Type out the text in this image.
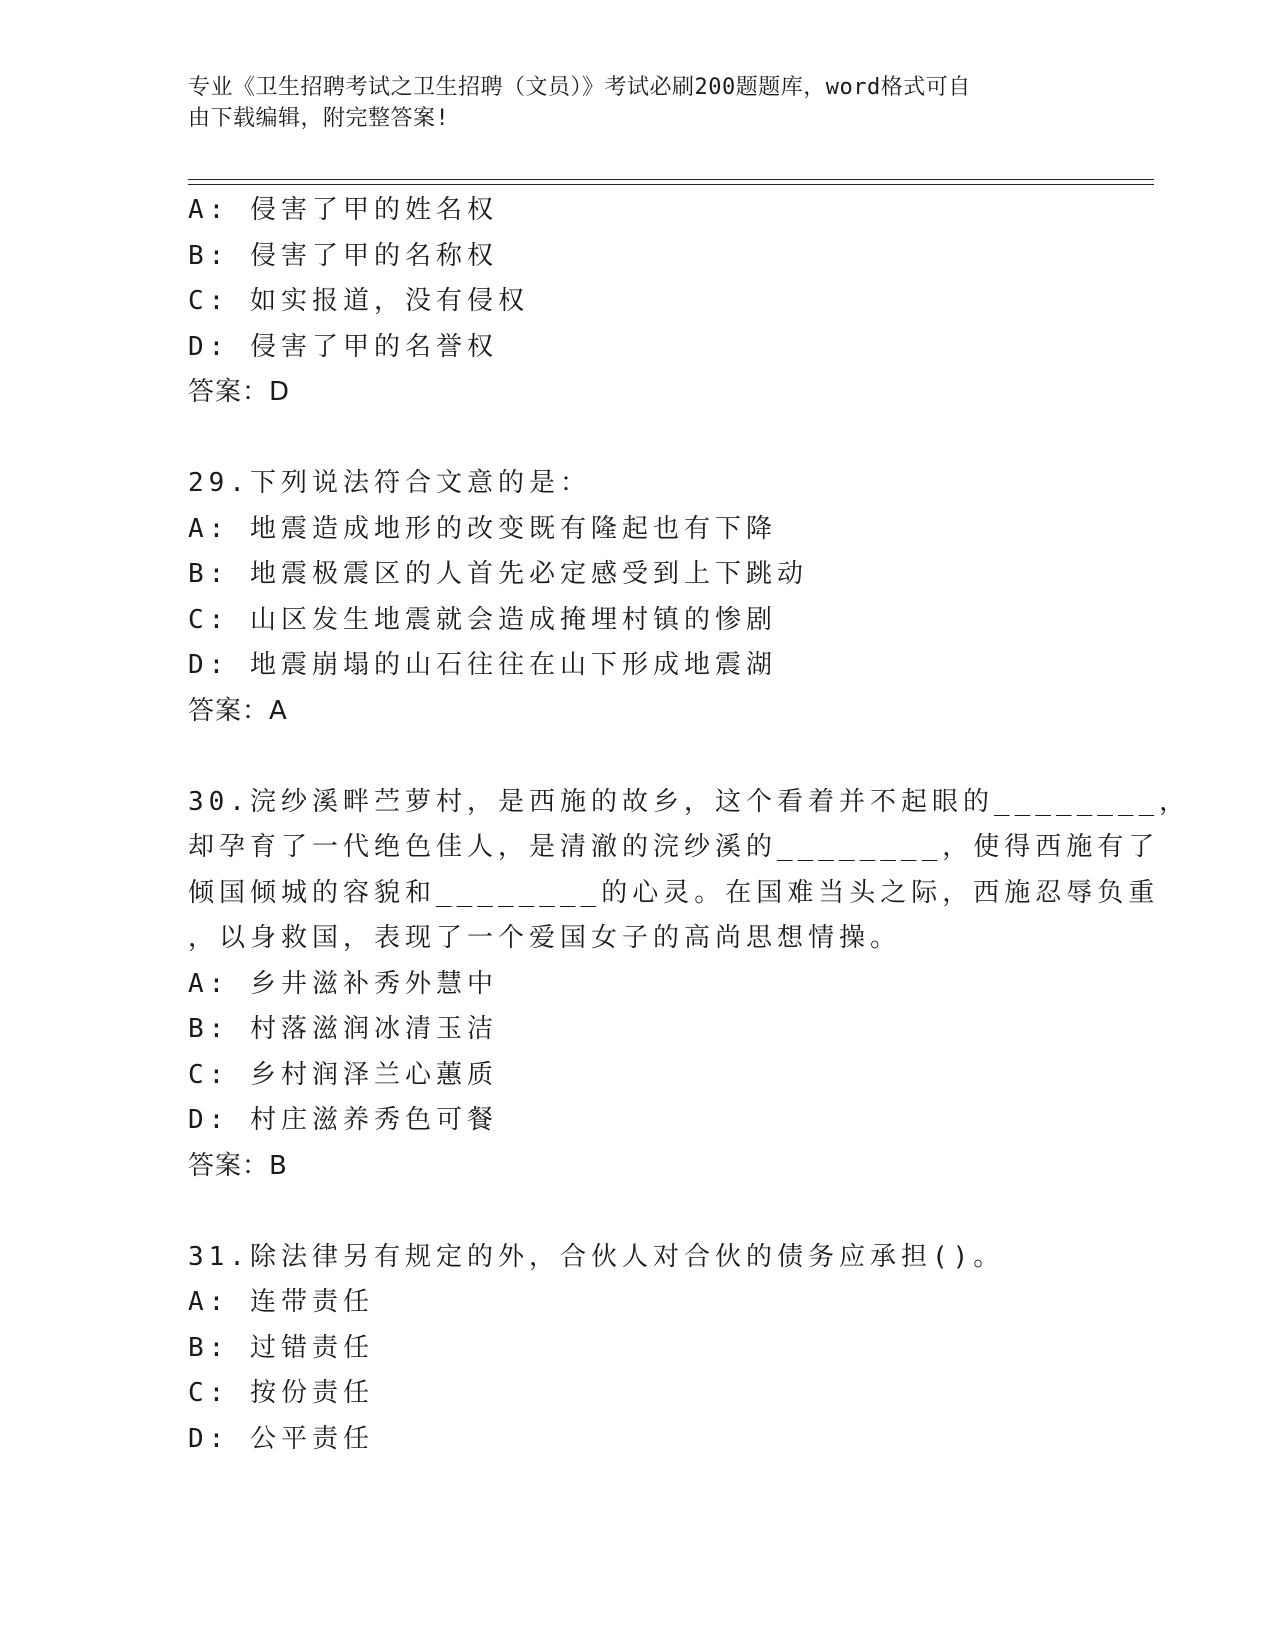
专业《卫生招聘考试之卫生招聘（文员）》考试必刷200题题库，word格式可自
由下载编辑，附完整答案!
A: 侵害了甲的姓名权
B: 侵害了甲的名称权
C: 如实报道，没有侵权
D: 侵害了甲的名誉权
答案：D
29.下列说法符合文意的是：
A: 地震造成地形的改变既有隆起也有下降
B: 地震极震区的人首先必定感受到上下跳动
C: 山区发生地震就会造成掩埋村镇的惨剧
D: 地震崩塌的山石往往在山下形成地震湖
答案：A
30.浣纱溪畔苎萝村，是西施的故乡，这个看着并不起眼的________，
却孕育了一代绝色佳人，是清澈的浣纱溪的________，使得西施有了
倾国倾城的容貌和________的心灵。在国难当头之际，西施忍辱负重
，以身救国，表现了一个爱国女子的高尚思想情操。
A: 乡井滋补秀外慧中
B: 村落滋润冰清玉洁
C: 乡村润泽兰心蕙质
D: 村庄滋养秀色可餐
答案：B
31.除法律另有规定的外，合伙人对合伙的债务应承担()。
A: 连带责任
B: 过错责任
C: 按份责任
D: 公平责任
